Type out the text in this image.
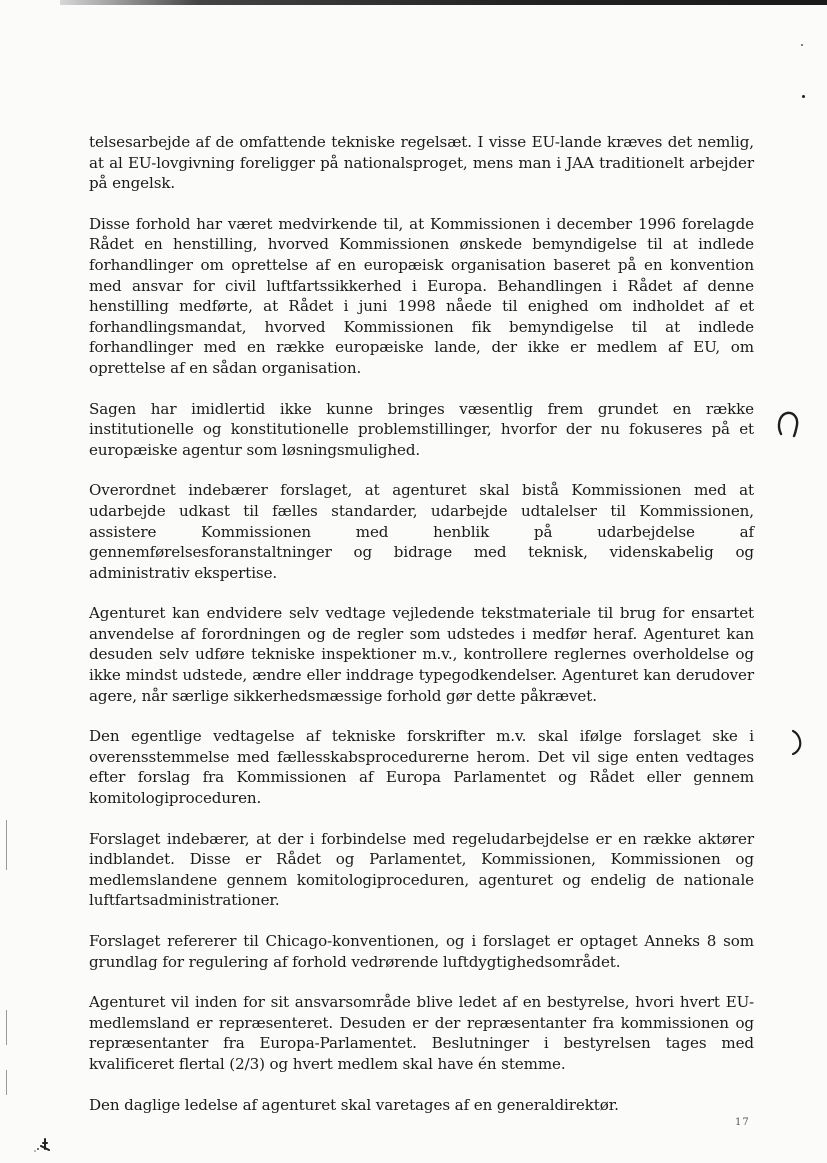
telsesarbejde af de omfattende tekniske regelsæt. I visse EU-lande kræves det nemlig, at al EU-lovgivning foreligger på nationalsproget, mens man i JAA traditionelt arbejder på engelsk.

Disse forhold har været medvirkende til, at Kommissionen i december 1996 forelagde Rådet en henstilling, hvorved Kommissionen ønskede bemyndigelse til at indlede forhandlinger om oprettelse af en europæisk organisation baseret på en konvention med ansvar for civil luftfartssikkerhed i Europa. Behandlingen i Rådet af denne henstilling medførte, at Rådet i juni 1998 nåede til enighed om indholdet af et forhandlingsmandat, hvorved Kommissionen fik bemyndigelse til at indlede forhandlinger med en række europæiske lande, der ikke er medlem af EU, om oprettelse af en sådan organisation.

Sagen har imidlertid ikke kunne bringes væsentlig frem grundet en række institutionelle og konstitutionelle problemstillinger, hvorfor der nu fokuseres på et europæiske agentur som løsningsmulighed.

Overordnet indebærer forslaget, at agenturet skal bistå Kommissionen med at udarbejde udkast til fælles standarder, udarbejde udtalelser til Kommissionen, assistere Kommissionen med henblik på udarbejdelse af gennemførelsesforanstaltninger og bidrage med teknisk, videnskabelig og administrativ ekspertise.

Agenturet kan endvidere selv vedtage vejledende tekstmateriale til brug for ensartet anvendelse af forordningen og de regler som udstedes i medfør heraf. Agenturet kan desuden selv udføre tekniske inspektioner m.v., kontrollere reglernes overholdelse og ikke mindst udstede, ændre eller inddrage typegodkendelser. Agenturet kan derudover agere, når særlige sikkerhedsmæssige forhold gør dette påkrævet.

Den egentlige vedtagelse af tekniske forskrifter m.v. skal ifølge forslaget ske i overensstemmelse med fællesskabsprocedurerne herom. Det vil sige enten vedtages efter forslag fra Kommissionen af Europa Parlamentet og Rådet eller gennem komitologiproceduren.

Forslaget indebærer, at der i forbindelse med regeludarbejdelse er en række aktører indblandet. Disse er Rådet og Parlamentet, Kommissionen, Kommissionen og medlemslandene gennem komitologiproceduren, agenturet og endelig de nationale luftfartsadministrationer.

Forslaget refererer til Chicago-konventionen, og i forslaget er optaget Anneks 8 som grundlag for regulering af forhold vedrørende luftdygtighedsområdet.

Agenturet vil inden for sit ansvarsområde blive ledet af en bestyrelse, hvori hvert EU-medlemsland er repræsenteret. Desuden er der repræsentanter fra kommissionen og repræsentanter fra Europa-Parlamentet. Beslutninger i bestyrelsen tages med kvalificeret flertal (2/3) og hvert medlem skal have én stemme.

Den daglige ledelse af agenturet skal varetages af en generaldirektør.

17
